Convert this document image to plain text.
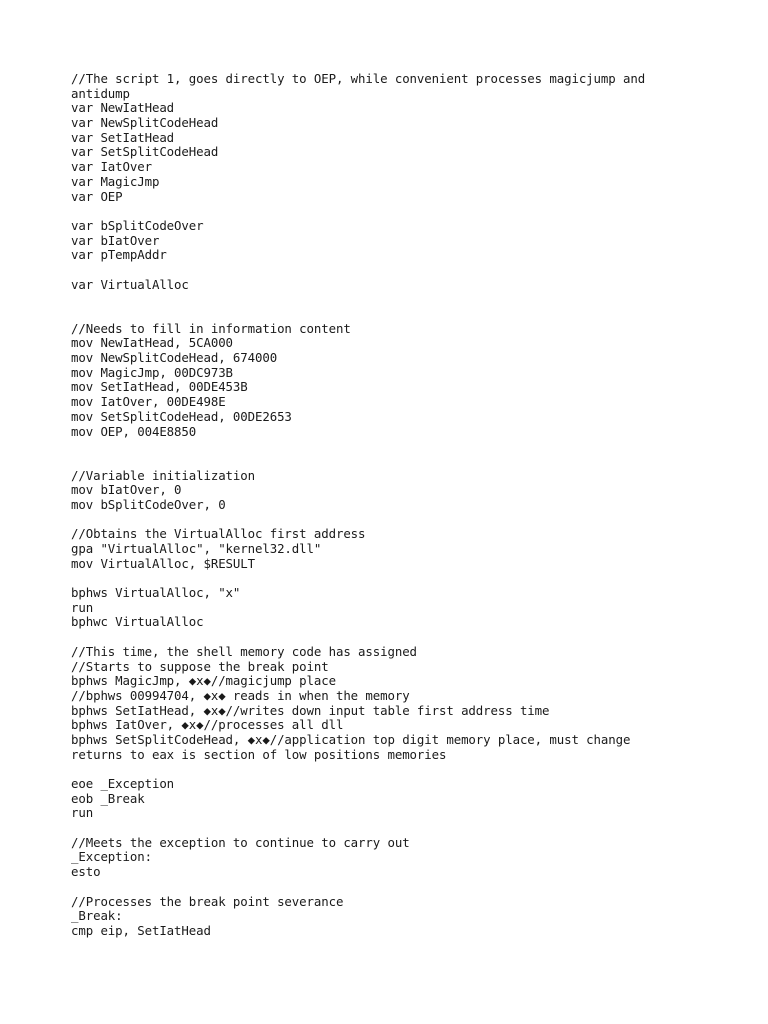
//The script 1, goes directly to OEP, while convenient processes magicjump and
antidump
var NewIatHead
var NewSplitCodeHead
var SetIatHead
var SetSplitCodeHead
var IatOver
var MagicJmp
var OEP
var bSplitCodeOver
var bIatOver
var pTempAddr
var VirtualAlloc
//Needs to fill in information content
mov NewIatHead, 5CA000
mov NewSplitCodeHead, 674000
mov MagicJmp, 00DC973B
mov SetIatHead, 00DE453B
mov IatOver, 00DE498E
mov SetSplitCodeHead, 00DE2653
mov OEP, 004E8850
//Variable initialization
mov bIatOver, 0
mov bSplitCodeOver, 0
//Obtains the VirtualAlloc first address
gpa "VirtualAlloc", "kernel32.dll"
mov VirtualAlloc, $RESULT
bphws VirtualAlloc, "x"
run
bphwc VirtualAlloc
//This time, the shell memory code has assigned
//Starts to suppose the break point
bphws MagicJmp, ◆x◆//magicjump place
//bphws 00994704, ◆x◆ reads in when the memory
bphws SetIatHead, ◆x◆//writes down input table first address time
bphws IatOver, ◆x◆//processes all dll
bphws SetSplitCodeHead, ◆x◆//application top digit memory place, must change
returns to eax is section of low positions memories
eoe _Exception
eob _Break
run
//Meets the exception to continue to carry out
_Exception:
esto
//Processes the break point severance
_Break:
cmp eip, SetIatHead
